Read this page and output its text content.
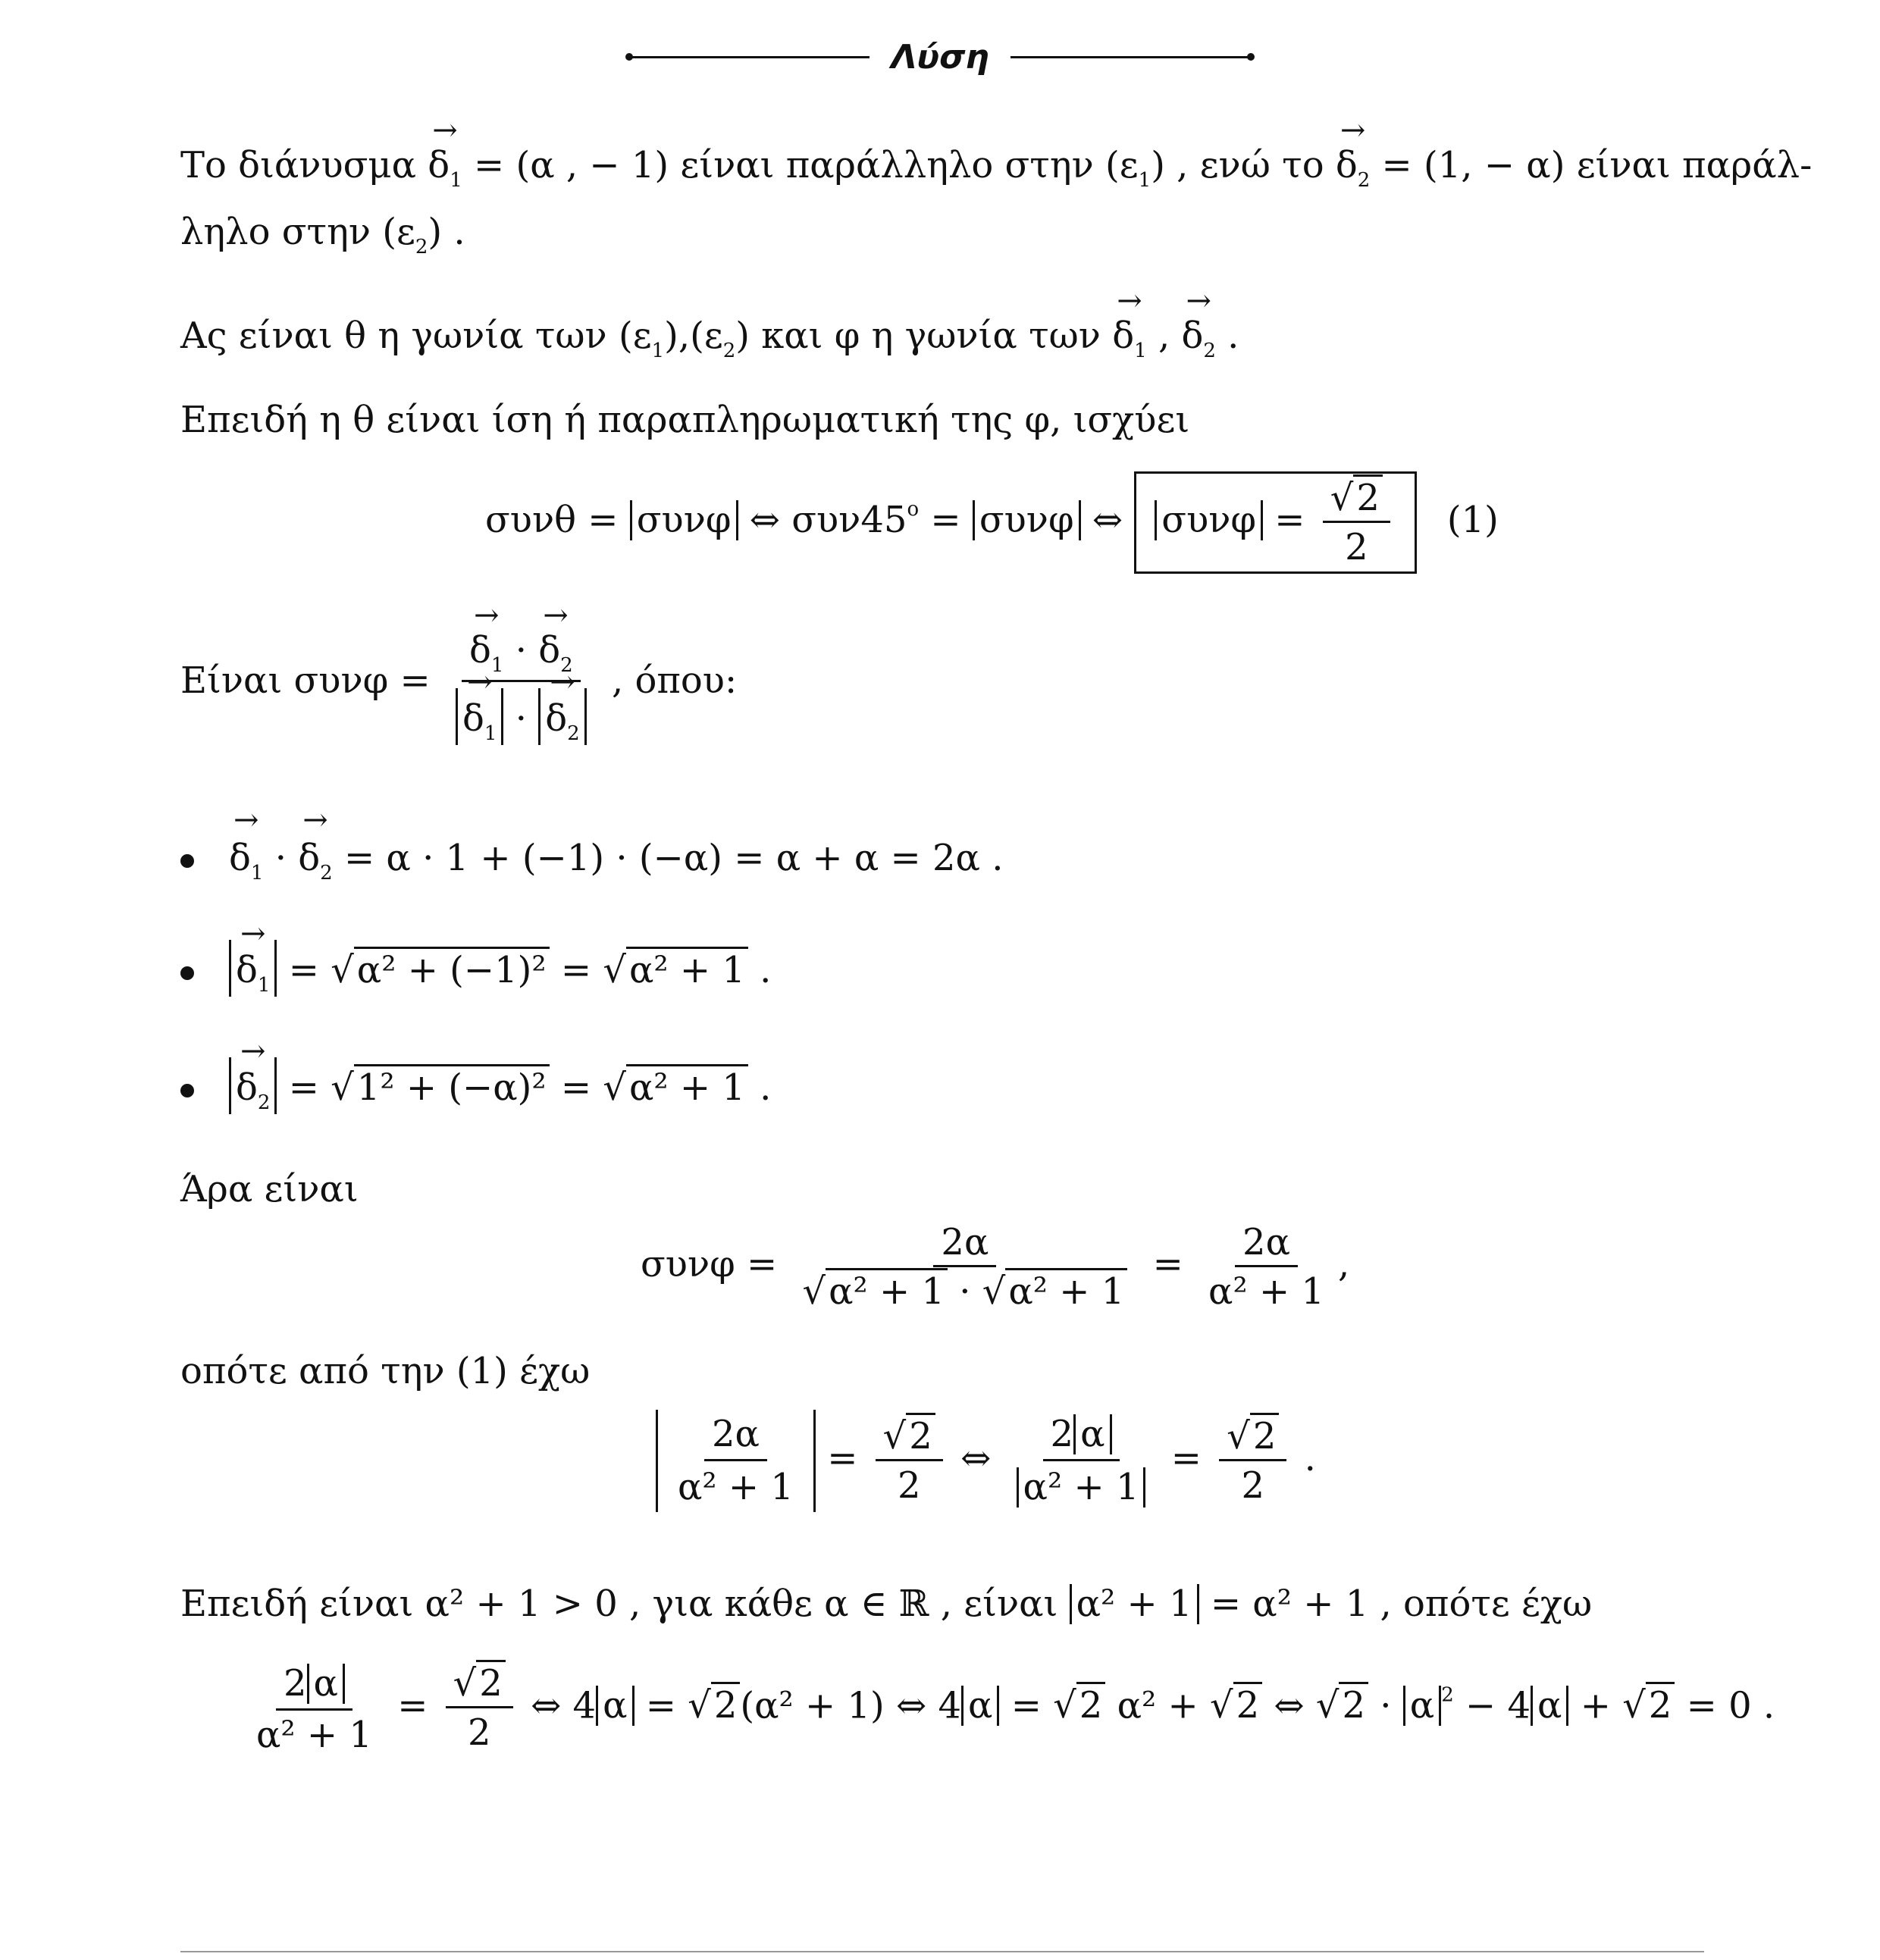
Λύση
Το $\delta\iota ά\nu\upsilon\sigma\mu\alpha \to \delta_1 = (\alpha$ , − 1) είναι παράλληλο στην $(\varepsilon_1)$ , ενώ $\tau o \to \delta_2 = (1$, − α) είναι παράλ-
ληλο στην $(\varepsilon_2)$ .
Ας είναι θ η γωνία των $(\varepsilon_1),(\varepsilon_2)$ και φ η γωνία $\tau\omega\nu \to \delta_1$ , → $\delta_2$ .
Επειδή η θ είναι ίση ή παραπληρωματική της φ, ισχύει
συνθ = συνφ ⇔ $\sigma\upsilon\nu 45^o = \sigma\upsilon\nu\varphi$ ⇔ $\sigma\upsilon\nu\varphi = \frac{√2}{2} (1)$
Είναι συνφ =
→ $\delta_1$ · → $\delta_2$
→ $\delta_1$ · → $\delta_2$ , όπου:
→ $\delta_1$ · → $\delta_2 = \alpha \cdot 1 + (-1) \cdot (-\alpha) = \alpha + \alpha = 2\alpha$ .
→ $\delta_1 = √\alpha^2 + (-1)^2 = √\alpha^2 + 1$ .
→ $\delta_2 = √1^2 + (-\alpha)^2 = √\alpha^2 + 1$ .
Άρα είναι
$\sigma\upsilon\nu\varphi = \frac{2\alpha}{\text{√α² + 1 · √α² + 1}} = \frac{2\alpha}{\text{α² + 1}}$ ,
οπότε από την (1) έχω
$\frac{2\alpha}{\text{α² + 1}} = \frac{√2}{2}$ ⇔ $\frac{2 \alpha}{\text{α² + 1}} = \frac{√2}{2}$ .
Επειδή είναι α² + 1 > 0 , για κάθε α ∈ ℝ , είναι α² + 1 = α² + 1 , οπότε έχω
$\frac{2 \alpha}{\text{α² + 1}} = \frac{√2}{2}$ ⇔ 4 α = √2(α² + 1) ⇔ 4 α = √2 α² + √2 ⇔ √2 · α $^2$ − 4 α + √2 = 0 .
